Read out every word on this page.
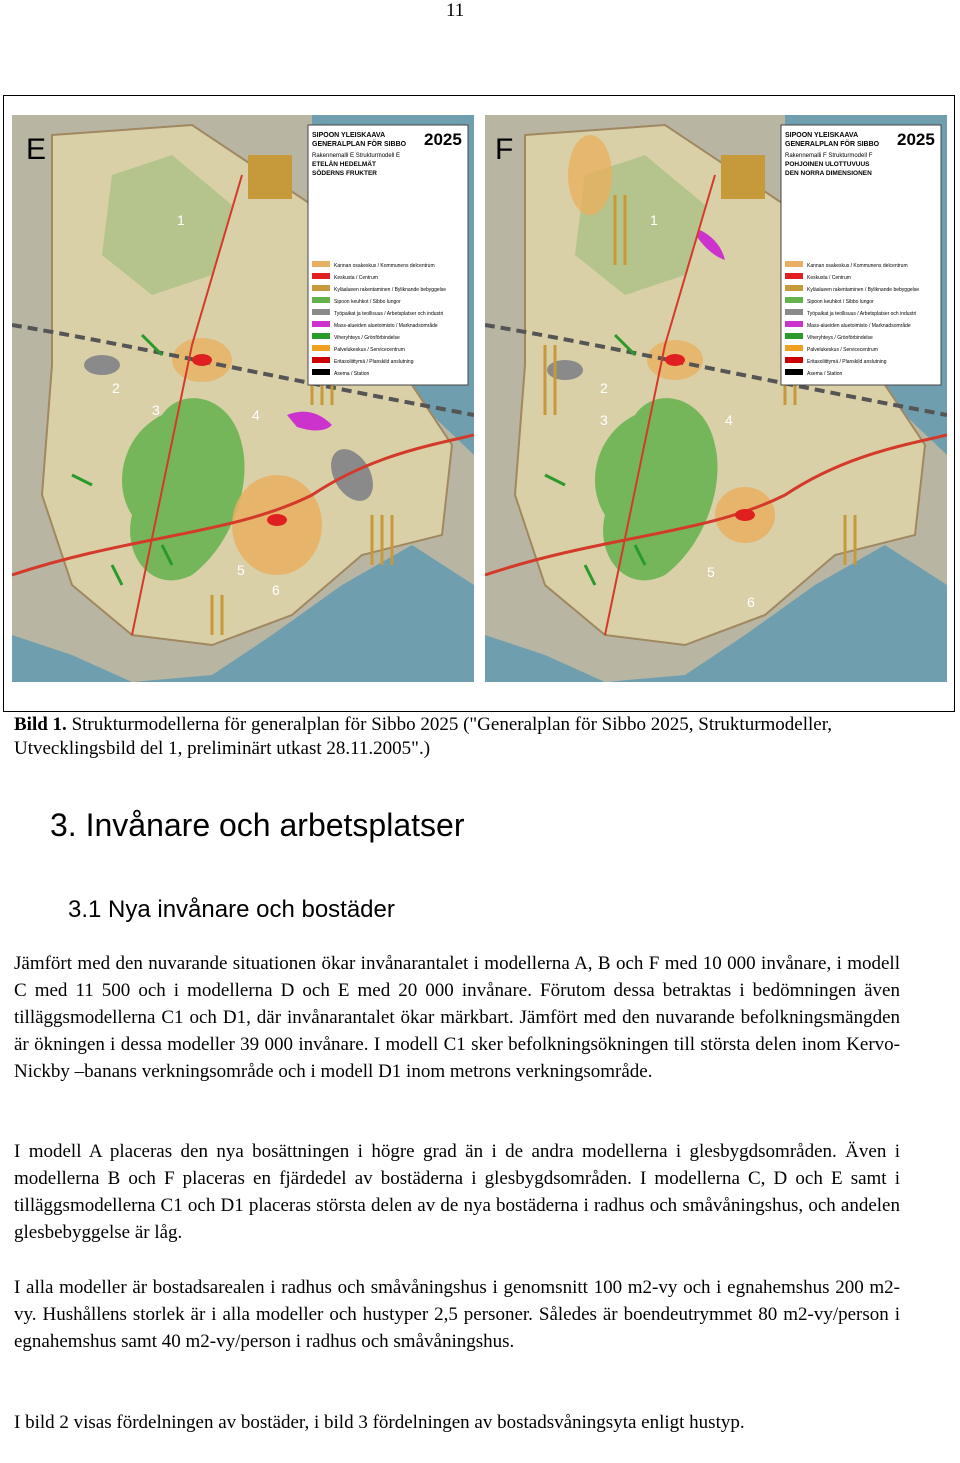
11
E
1
2
3	4
5
6
SIPOON YLEISKAAVA
GENERALPLAN FÖR SIBBO 2025
Rakennemalli E Strukturmodell E
ETELÄN HEDELMÄT
SÖDERNS FRUKTER
Kannan osakeskus / Kommunens delcentrum
Keskusta / Centrum
Kyläalueen rakentaminen / Byliknande bebyggelse
Sipoon keuhkot / Sibbo lungor
Työpaikat ja teollisuus / Arbetsplatser och industri
Mass-alueiden aluetoimisto / Marknadsområde
Viheryhteys / Grönförbindelse
Palvelukeskus / Servicecentrum
Eritasoliittymä / Planskild anslutning
Asema / Station
F
1
2
3	4
5
6
SIPOON YLEISKAAVA
GENERALPLAN FÖR SIBBO 2025
Rakennemalli F Strukturmodell F
POHJOINEN ULOTTUVUUS
DEN NORRA DIMENSIONEN
Kannan osakeskus / Kommunens delcentrum
Keskusta / Centrum
Kyläalueen rakentaminen / Byliknande bebyggelse
Sipoon keuhkot / Sibbo lungor
Työpaikat ja teollisuus / Arbetsplatser och industri
Mass-alueiden aluetoimisto / Marknadsområde
Viheryhteys / Grönförbindelse
Palvelukeskus / Servicecentrum
Eritasoliittymä / Planskild anslutning
Asema / Station
Bild 1. Strukturmodellerna för generalplan för Sibbo 2025 ("Generalplan för Sibbo 2025, Strukturmodeller, Utvecklingsbild del 1, preliminärt utkast 28.11.2005".)
3. Invånare och arbetsplatser
3.1 Nya invånare och bostäder

Jämfört med den nuvarande situationen ökar invånarantalet i modellerna A, B och F med 10 000 invånare, i modell C med 11 500 och i modellerna D och E med 20 000 invånare. Förutom dessa betraktas i bedömningen även tilläggsmodellerna C1 och D1, där invånarantalet ökar märkbart. Jämfört med den nuvarande befolkningsmängden är ökningen i dessa modeller 39 000 invånare. I modell C1 sker befolkningsökningen till största delen inom Kervo-Nickby –banans verkningsområde och i modell D1 inom metrons verkningsområde.

I modell A placeras den nya bosättningen i högre grad än i de andra modellerna i glesbygdsområden. Även i modellerna B och F placeras en fjärdedel av bostäderna i glesbygdsområden. I modellerna C, D och E samt i tilläggsmodellerna C1 och D1 placeras största delen av de nya bostäderna i radhus och småvåningshus, och andelen glesbebyggelse är låg.

I alla modeller är bostadsarealen i radhus och småvåningshus i genomsnitt 100 m2-vy och i egnahemshus 200 m2-vy. Hushållens storlek är i alla modeller och hustyper 2,5 personer. Således är boendeutrymmet 80 m2-vy/person i egnahemshus samt 40 m2-vy/person i radhus och småvåningshus.

I bild 2 visas fördelningen av bostäder, i bild 3 fördelningen av bostadsvåningsyta enligt hustyp.
